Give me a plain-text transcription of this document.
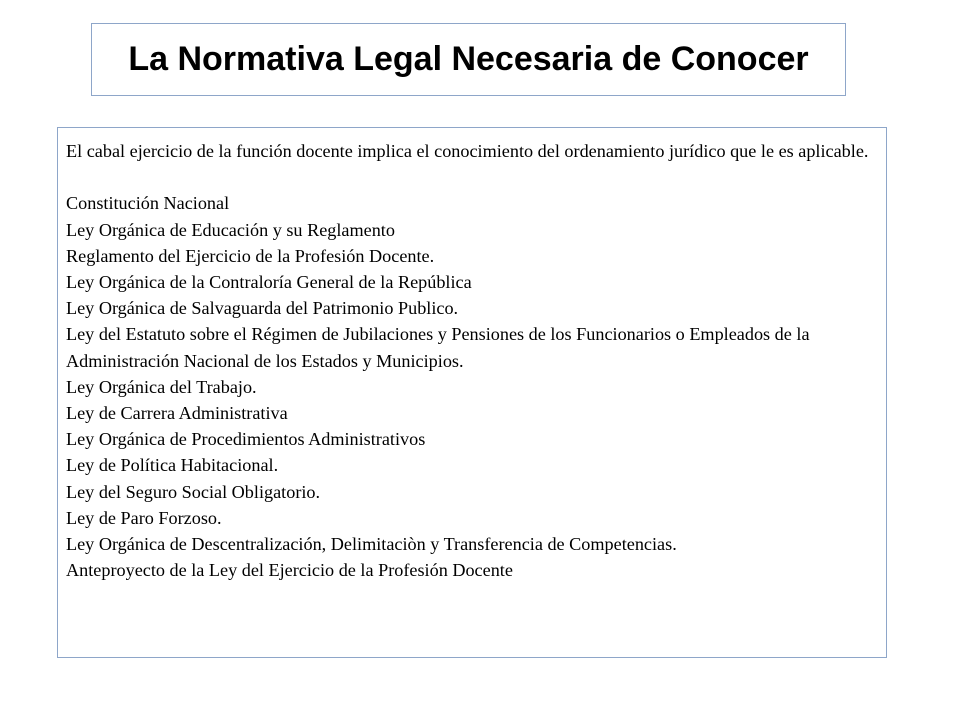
La Normativa Legal Necesaria de Conocer

El cabal ejercicio de la función docente implica el conocimiento del ordenamiento jurídico que le es aplicable.

Constitución Nacional
Ley Orgánica de Educación y su Reglamento
Reglamento del Ejercicio de la Profesión Docente.
Ley Orgánica de la Contraloría General de la República
Ley Orgánica de Salvaguarda del Patrimonio Publico.
Ley del Estatuto sobre el Régimen de Jubilaciones y Pensiones de los Funcionarios o Empleados de la Administración Nacional de los Estados y Municipios.
Ley Orgánica del Trabajo.
Ley de Carrera Administrativa
Ley Orgánica de Procedimientos Administrativos
Ley de Política Habitacional.
Ley del Seguro Social Obligatorio.
Ley de Paro Forzoso.
Ley Orgánica de Descentralización, Delimitaciòn y Transferencia de Competencias.
Anteproyecto de la Ley del Ejercicio de la Profesión Docente
